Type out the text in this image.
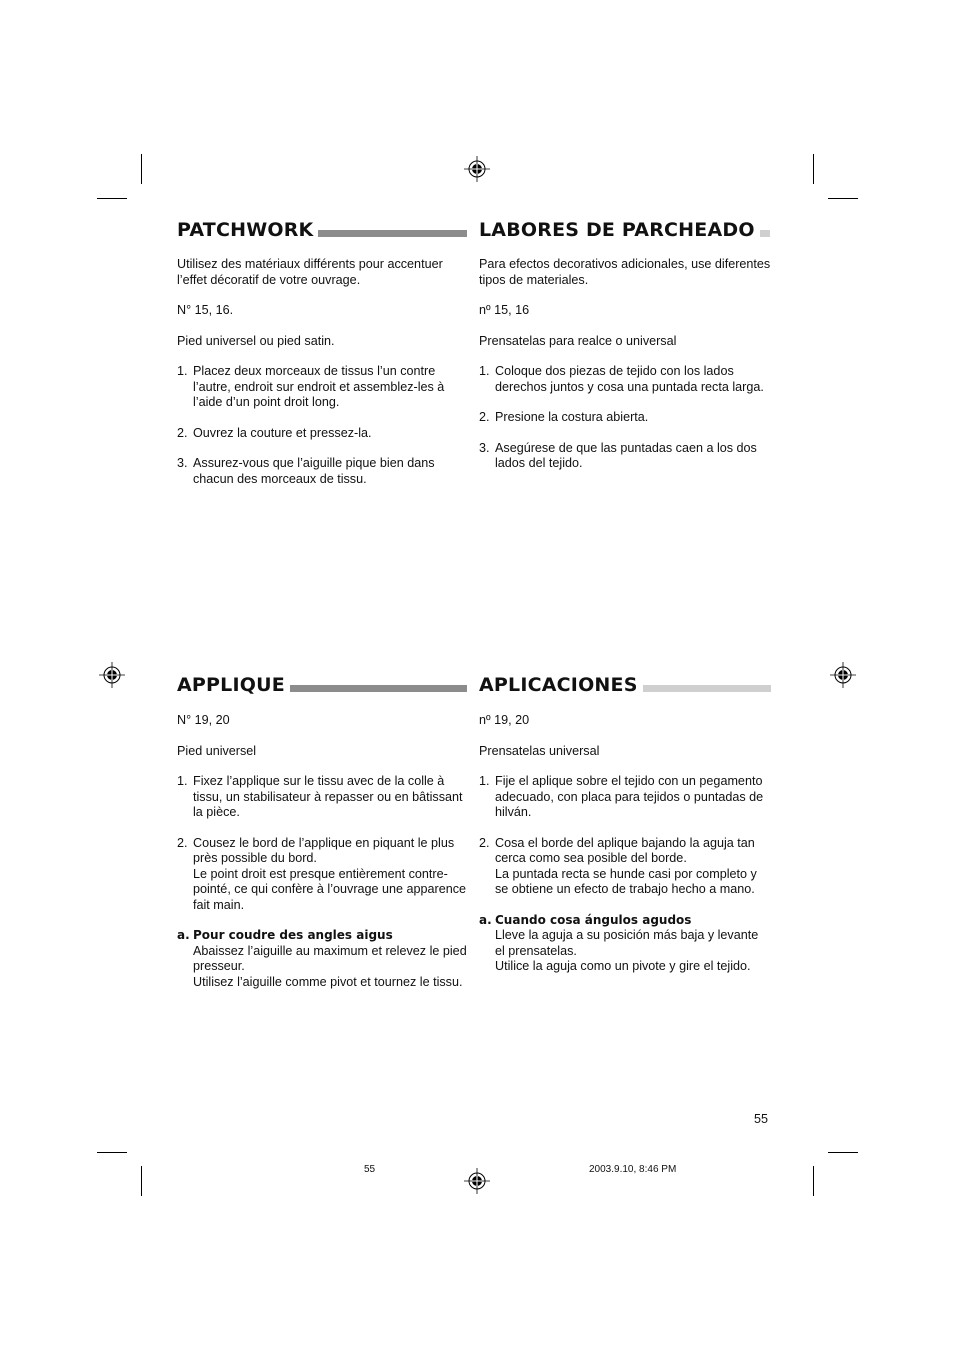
PATCHWORK

Utilisez des matériaux différents pour accentuer l’effet décoratif de votre ouvrage.

N° 15, 16.

Pied universel ou pied satin.

1. Placez deux morceaux de tissus l’un contre l’autre, endroit sur endroit et assemblez-les à l’aide d’un point droit long.
2. Ouvrez la couture et pressez-la.
3. Assurez-vous que l’aiguille pique bien dans chacun des morceaux de tissu.
LABORES DE PARCHEADO

Para efectos decorativos adicionales, use diferentes tipos de materiales.

nº 15, 16

Prensatelas para realce o universal

1. Coloque dos piezas de tejido con los lados derechos juntos y cosa una puntada recta larga.
2. Presione la costura abierta.
3. Asegúrese de que las puntadas caen a los dos lados del tejido.
APPLIQUE

N° 19, 20

Pied universel

1. Fixez l’applique sur le tissu avec de la colle à tissu, un stabilisateur à repasser ou en bâtissant la pièce.
2. Cousez le bord de l’applique en piquant le plus près possible du bord.
Le point droit est presque entièrement contre-pointé, ce qui confère à l’ouvrage une apparence fait main.
a. Pour coudre des angles aigus
Abaissez l’aiguille au maximum et relevez le pied presseur.
Utilisez l’aiguille comme pivot et tournez le tissu.
APLICACIONES

nº 19, 20

Prensatelas universal

1. Fije el aplique sobre el tejido con un pegamento adecuado, con placa para tejidos o puntadas de hilván.
2. Cosa el borde del aplique bajando la aguja tan cerca como sea posible del borde.
La puntada recta se hunde casi por completo y se obtiene un efecto de trabajo hecho a mano.
a. Cuando cosa ángulos agudos
Lleve la aguja a su posición más baja y levante el prensatelas.
Utilice la aguja como un pivote y gire el tejido.
55
55	2003.9.10, 8:46 PM
